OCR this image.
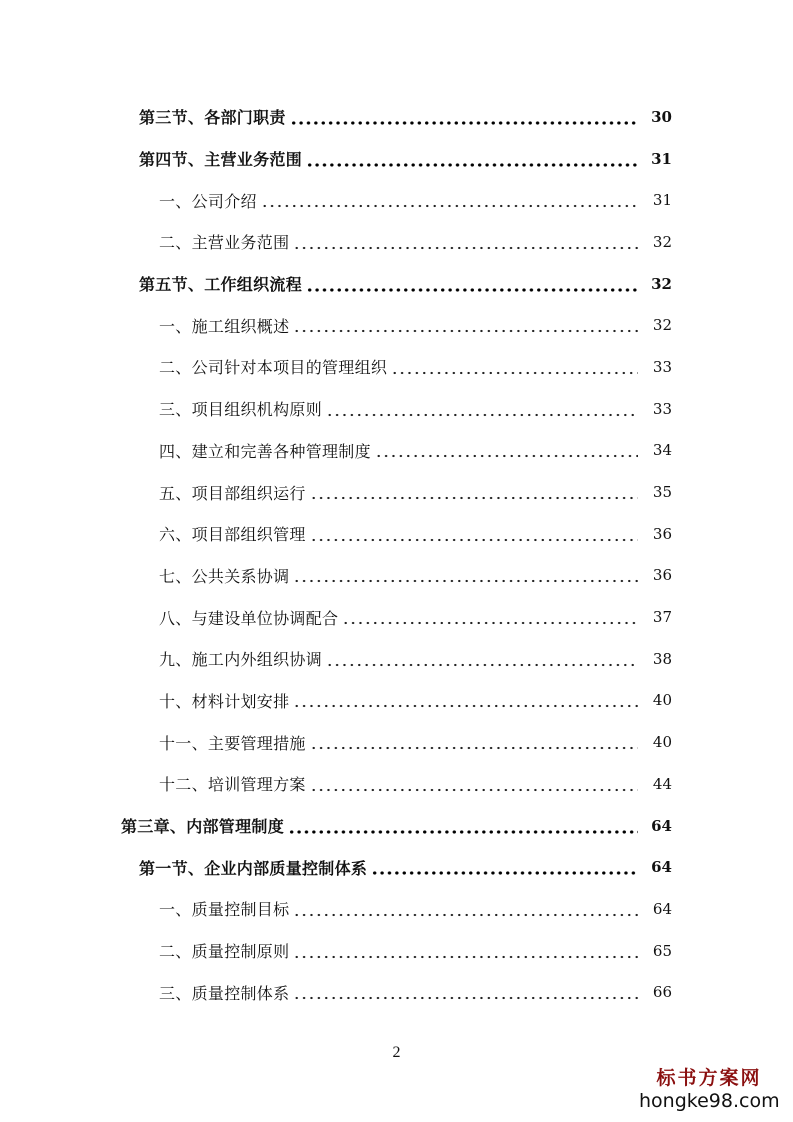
第三节、各部门职责	30
第四节、主营业务范围	31
一、公司介绍	31
二、主营业务范围	32
第五节、工作组织流程	32
一、施工组织概述	32
二、公司针对本项目的管理组织	33
三、项目组织机构原则	33
四、建立和完善各种管理制度	34
五、项目部组织运行	35
六、项目部组织管理	36
七、公共关系协调	36
八、与建设单位协调配合	37
九、施工内外组织协调	38
十、材料计划安排	40
十一、主要管理措施	40
十二、培训管理方案	44
第三章、内部管理制度	64
第一节、企业内部质量控制体系	64
一、质量控制目标	64
二、质量控制原则	65
三、质量控制体系	66
2
标书方案网
hongke98.com
